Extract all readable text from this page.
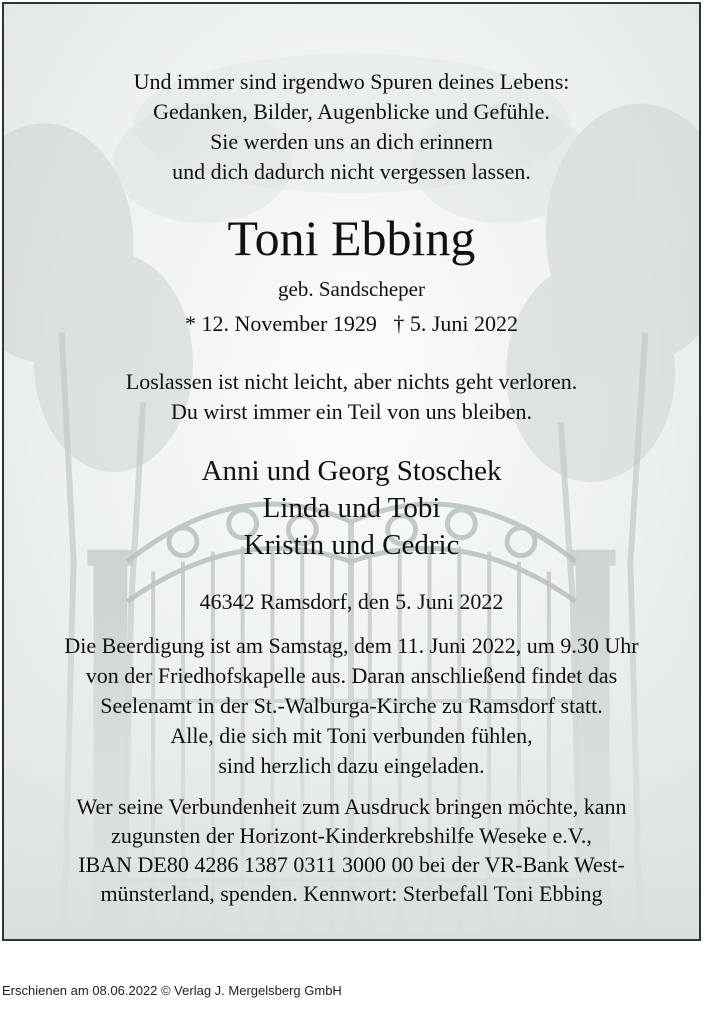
Und immer sind irgendwo Spuren deines Lebens:
Gedanken, Bilder, Augenblicke und Gefühle.
Sie werden uns an dich erinnern
und dich dadurch nicht vergessen lassen.
Toni Ebbing
geb. Sandscheper
* 12. November 1929 † 5. Juni 2022
Loslassen ist nicht leicht, aber nichts geht verloren.
Du wirst immer ein Teil von uns bleiben.
Anni und Georg Stoschek
Linda und Tobi
Kristin und Cedric
46342 Ramsdorf, den 5. Juni 2022
Die Beerdigung ist am Samstag, dem 11. Juni 2022, um 9.30 Uhr
von der Friedhofskapelle aus. Daran anschließend findet das
Seelenamt in der St.-Walburga-Kirche zu Ramsdorf statt.
Alle, die sich mit Toni verbunden fühlen,
sind herzlich dazu eingeladen.
Wer seine Verbundenheit zum Ausdruck bringen möchte, kann
zugunsten der Horizont-Kinderkrebshilfe Weseke e.V.,
IBAN DE80 4286 1387 0311 3000 00 bei der VR-Bank West-
münsterland, spenden. Kennwort: Sterbefall Toni Ebbing
Erschienen am 08.06.2022 © Verlag J. Mergelsberg GmbH
